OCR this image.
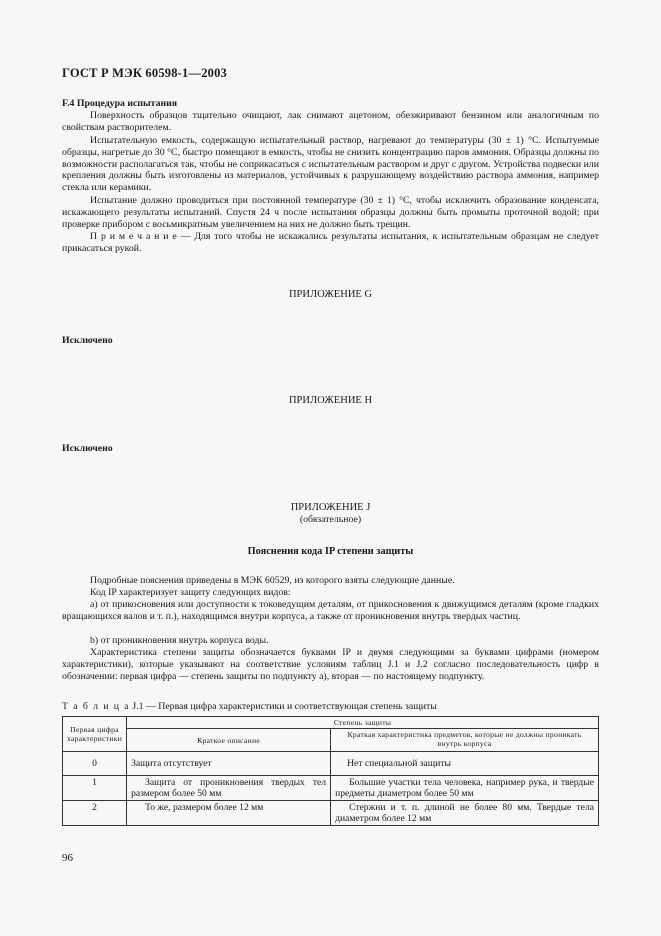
ГОСТ Р МЭК 60598-1—2003
F.4 Процедура испытания
Поверхность образцов тщательно очищают, лак снимают ацетоном, обезжиривают бензином или аналогичным по свойствам растворителем.
Испытательную емкость, содержащую испытательный раствор, нагревают до температуры (30 ± 1) °С. Испытуемые образцы, нагретые до 30 °С, быстро помещают в емкость, чтобы не снизить концентрацию паров аммония. Образцы должны по возможности располагаться так, чтобы не соприкасаться с испытательным раствором и друг с другом. Устройства подвески или крепления должны быть изготовлены из материалов, устойчивых к разрушающему воздействию раствора аммония, например стекла или керамики.
Испытание должно проводиться при постоянной температуре (30 ± 1) °С, чтобы исключить образование конденсата, искажающего результаты испытаний. Спустя 24 ч после испытания образцы должны быть промыты проточной водой; при проверке прибором с восьмикратным увеличением на них не должно быть трещин.
П р и м е ч а н и е — Для того чтобы не искажались результаты испытания, к испытательным образцам не следует прикасаться рукой.
ПРИЛОЖЕНИЕ G
Исключено
ПРИЛОЖЕНИЕ H
Исключено
ПРИЛОЖЕНИЕ J
(обязательное)
Пояснения кода IP степени защиты
Подробные пояснения приведены в МЭК 60529, из которого взяты следующие данные.
Код IP характеризует защиту следующих видов:
а) от прикосновения или доступности к токоведущим деталям, от прикосновения к движущимся деталям (кроме гладких вращающихся валов и т. п.), находящимся внутри корпуса, а также от проникновения внутрь твердых частиц.
b) от проникновения внутрь корпуса воды.
Характеристика степени защиты обозначается буквами IP и двумя следующими за буквами цифрами (номером характеристики), которые указывают на соответствие условиям таблиц J.1 и J.2 согласно последовательность цифр в обозначении: первая цифра — степень защиты по подпункту а), вторая — по настоящему подпункту.
Т а б л и ц а J.1 — Первая цифра характеристики и соответствующая степень защиты
Первая цифра характеристики	Степень защиты	
	Краткое описание	Краткая характеристика предметов, которые не должны проникать внутрь корпуса
0	Защита отсутствует	Нет специальной защиты
1	Защита от проникновения твердых тел размером более 50 мм	Большие участки тела человека, например рука, и твердые предметы диаметром более 50 мм
2	То же, размером более 12 мм	Стержни и т. п. длиной не более 80 мм. Твердые тела диаметром более 12 мм
96
